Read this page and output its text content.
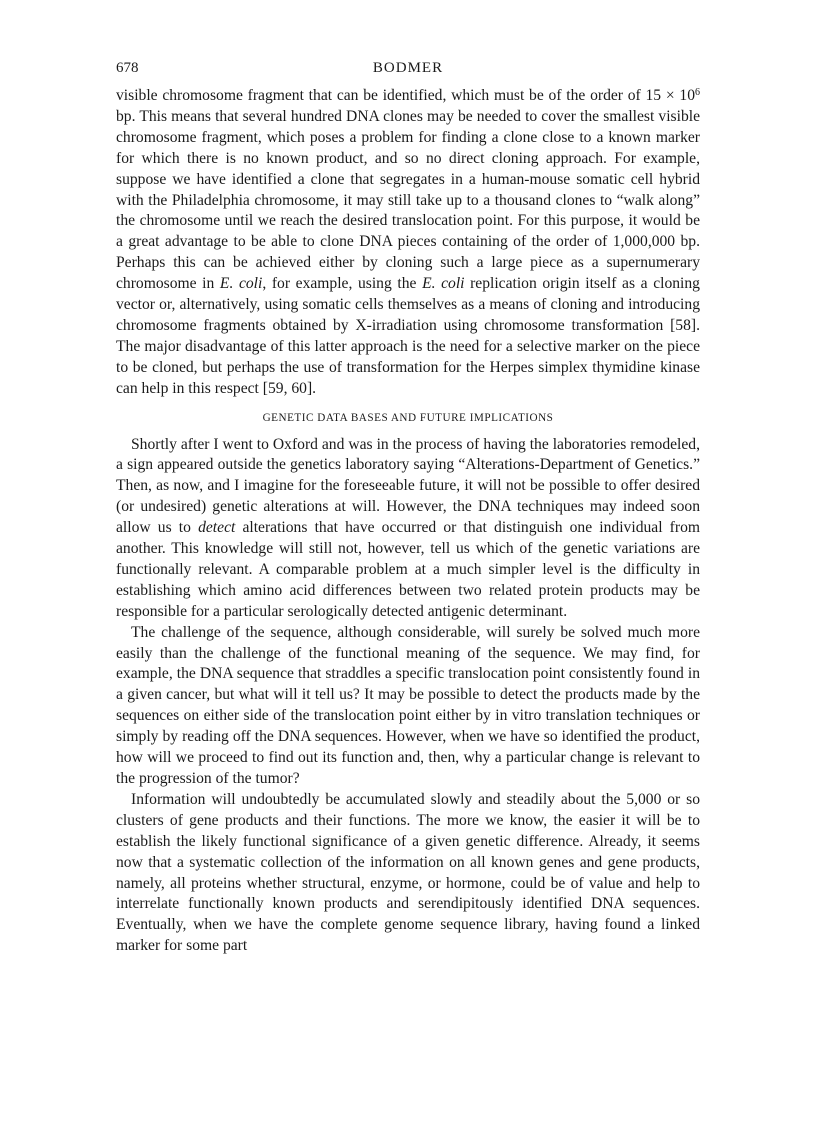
678	BODMER

visible chromosome fragment that can be identified, which must be of the order of $15 \times 10^6$ bp. This means that several hundred DNA clones may be needed to cover the smallest visible chromosome fragment, which poses a problem for finding a clone close to a known marker for which there is no known product, and so no direct cloning approach. For example, suppose we have identified a clone that segregates in a human-mouse somatic cell hybrid with the Philadelphia chromosome, it may still take up to a thousand clones to “walk along” the chromosome until we reach the desired translocation point. For this purpose, it would be a great advantage to be able to clone DNA pieces containing of the order of 1,000,000 bp. Perhaps this can be achieved either by cloning such a large piece as a supernumerary chromosome in E. coli, for example, using the E. coli replication origin itself as a cloning vector or, alternatively, using somatic cells themselves as a means of cloning and introducing chromosome fragments obtained by X-irradiation using chromosome transformation [58]. The major disadvantage of this latter approach is the need for a selective marker on the piece to be cloned, but perhaps the use of transformation for the Herpes simplex thymidine kinase can help in this respect [59, 60].

GENETIC DATA BASES AND FUTURE IMPLICATIONS

Shortly after I went to Oxford and was in the process of having the laboratories remodeled, a sign appeared outside the genetics laboratory saying “Alterations-Department of Genetics.” Then, as now, and I imagine for the foreseeable future, it will not be possible to offer desired (or undesired) genetic alterations at will. However, the DNA techniques may indeed soon allow us to detect alterations that have occurred or that distinguish one individual from another. This knowledge will still not, however, tell us which of the genetic variations are functionally relevant. A comparable problem at a much simpler level is the difficulty in establishing which amino acid differences between two related protein products may be responsible for a particular serologically detected antigenic determinant.

The challenge of the sequence, although considerable, will surely be solved much more easily than the challenge of the functional meaning of the sequence. We may find, for example, the DNA sequence that straddles a specific translocation point consistently found in a given cancer, but what will it tell us? It may be possible to detect the products made by the sequences on either side of the translocation point either by in vitro translation techniques or simply by reading off the DNA sequences. However, when we have so identified the product, how will we proceed to find out its function and, then, why a particular change is relevant to the progression of the tumor?

Information will undoubtedly be accumulated slowly and steadily about the 5,000 or so clusters of gene products and their functions. The more we know, the easier it will be to establish the likely functional significance of a given genetic difference. Already, it seems now that a systematic collection of the information on all known genes and gene products, namely, all proteins whether structural, enzyme, or hormone, could be of value and help to interrelate functionally known products and serendipitously identified DNA sequences. Eventually, when we have the complete genome sequence library, having found a linked marker for some part
